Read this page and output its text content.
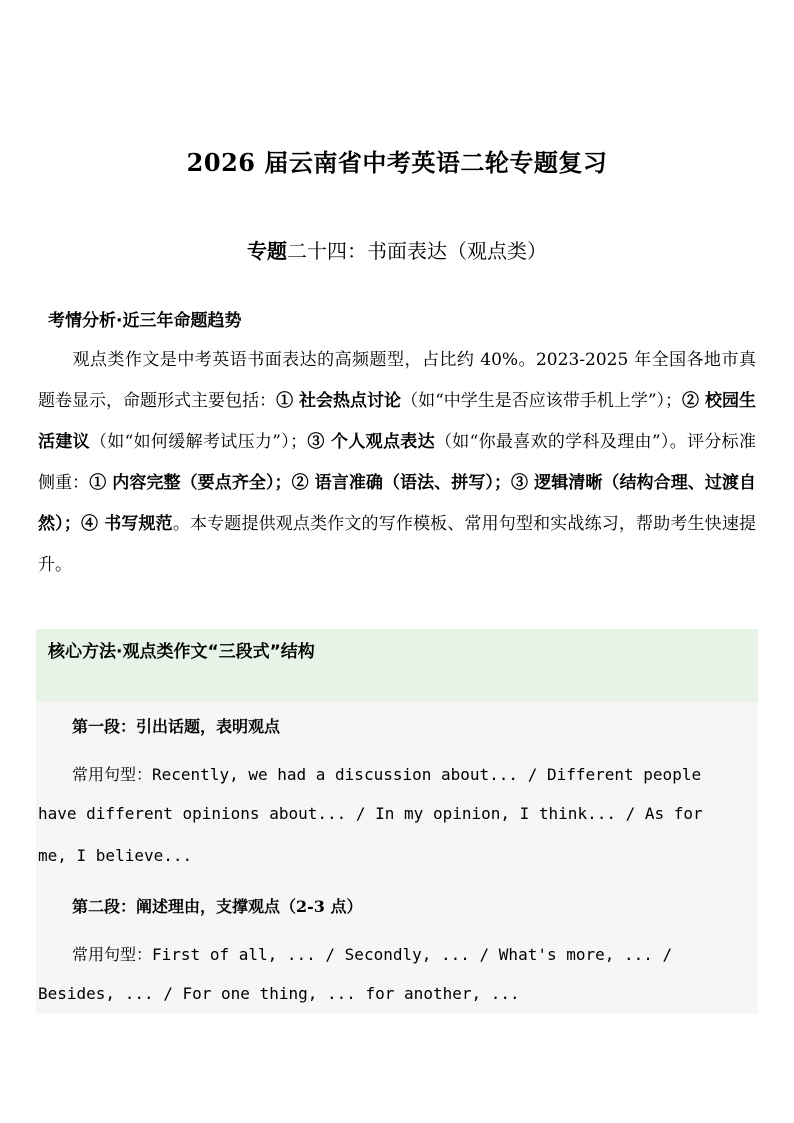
2026 届云南省中考英语二轮专题复习
专题二十四：书面表达（观点类）
考情分析·近三年命题趋势
观点类作文是中考英语书面表达的高频题型，占比约 40%。2023-2025 年全国各地市真题卷显示，命题形式主要包括：① 社会热点讨论（如“中学生是否应该带手机上学”）；② 校园生活建议（如“如何缓解考试压力”）；③ 个人观点表达（如“你最喜欢的学科及理由”）。评分标准侧重：① 内容完整（要点齐全）；② 语言准确（语法、拼写）；③ 逻辑清晰（结构合理、过渡自然）；④ 书写规范。本专题提供观点类作文的写作模板、常用句型和实战练习，帮助考生快速提升。
核心方法·观点类作文“三段式”结构
第一段：引出话题，表明观点
常用句型：Recently, we had a discussion about... / Different people
have different opinions about... / In my opinion, I think... / As for
me, I believe...
第二段：阐述理由，支撑观点（2-3 点）
常用句型：First of all, ... / Secondly, ... / What's more, ... /
Besides, ... / For one thing, ... for another, ...
